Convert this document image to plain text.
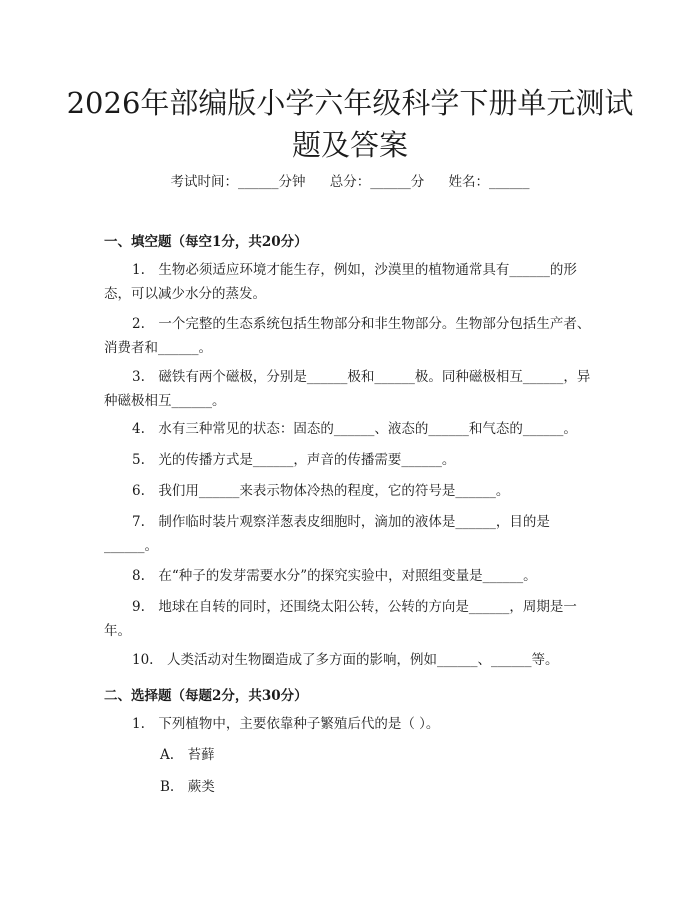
2026年部编版小学六年级科学下册单元测试题及答案
考试时间：______分钟 总分：______分 姓名：______
一、填空题（每空1分，共20分）
1.　生物必须适应环境才能生存，例如，沙漠里的植物通常具有______的形态，可以减少水分的蒸发。
2.　一个完整的生态系统包括生物部分和非生物部分。生物部分包括生产者、消费者和______。
3.　磁铁有两个磁极，分别是______极和______极。同种磁极相互______，异种磁极相互______。
4.　水有三种常见的状态：固态的______、液态的______和气态的______。
5.　光的传播方式是______，声音的传播需要______。
6.　我们用______来表示物体冷热的程度，它的符号是______。
7.　制作临时装片观察洋葱表皮细胞时，滴加的液体是______，目的是______。
8.　在“种子的发芽需要水分”的探究实验中，对照组变量是______。
9.　地球在自转的同时，还围绕太阳公转，公转的方向是______，周期是一年。
10.　人类活动对生物圈造成了多方面的影响，例如______、______等。
二、选择题（每题2分，共30分）
1.　下列植物中，主要依靠种子繁殖后代的是（ ）。
A.　苔藓
B.　蕨类
